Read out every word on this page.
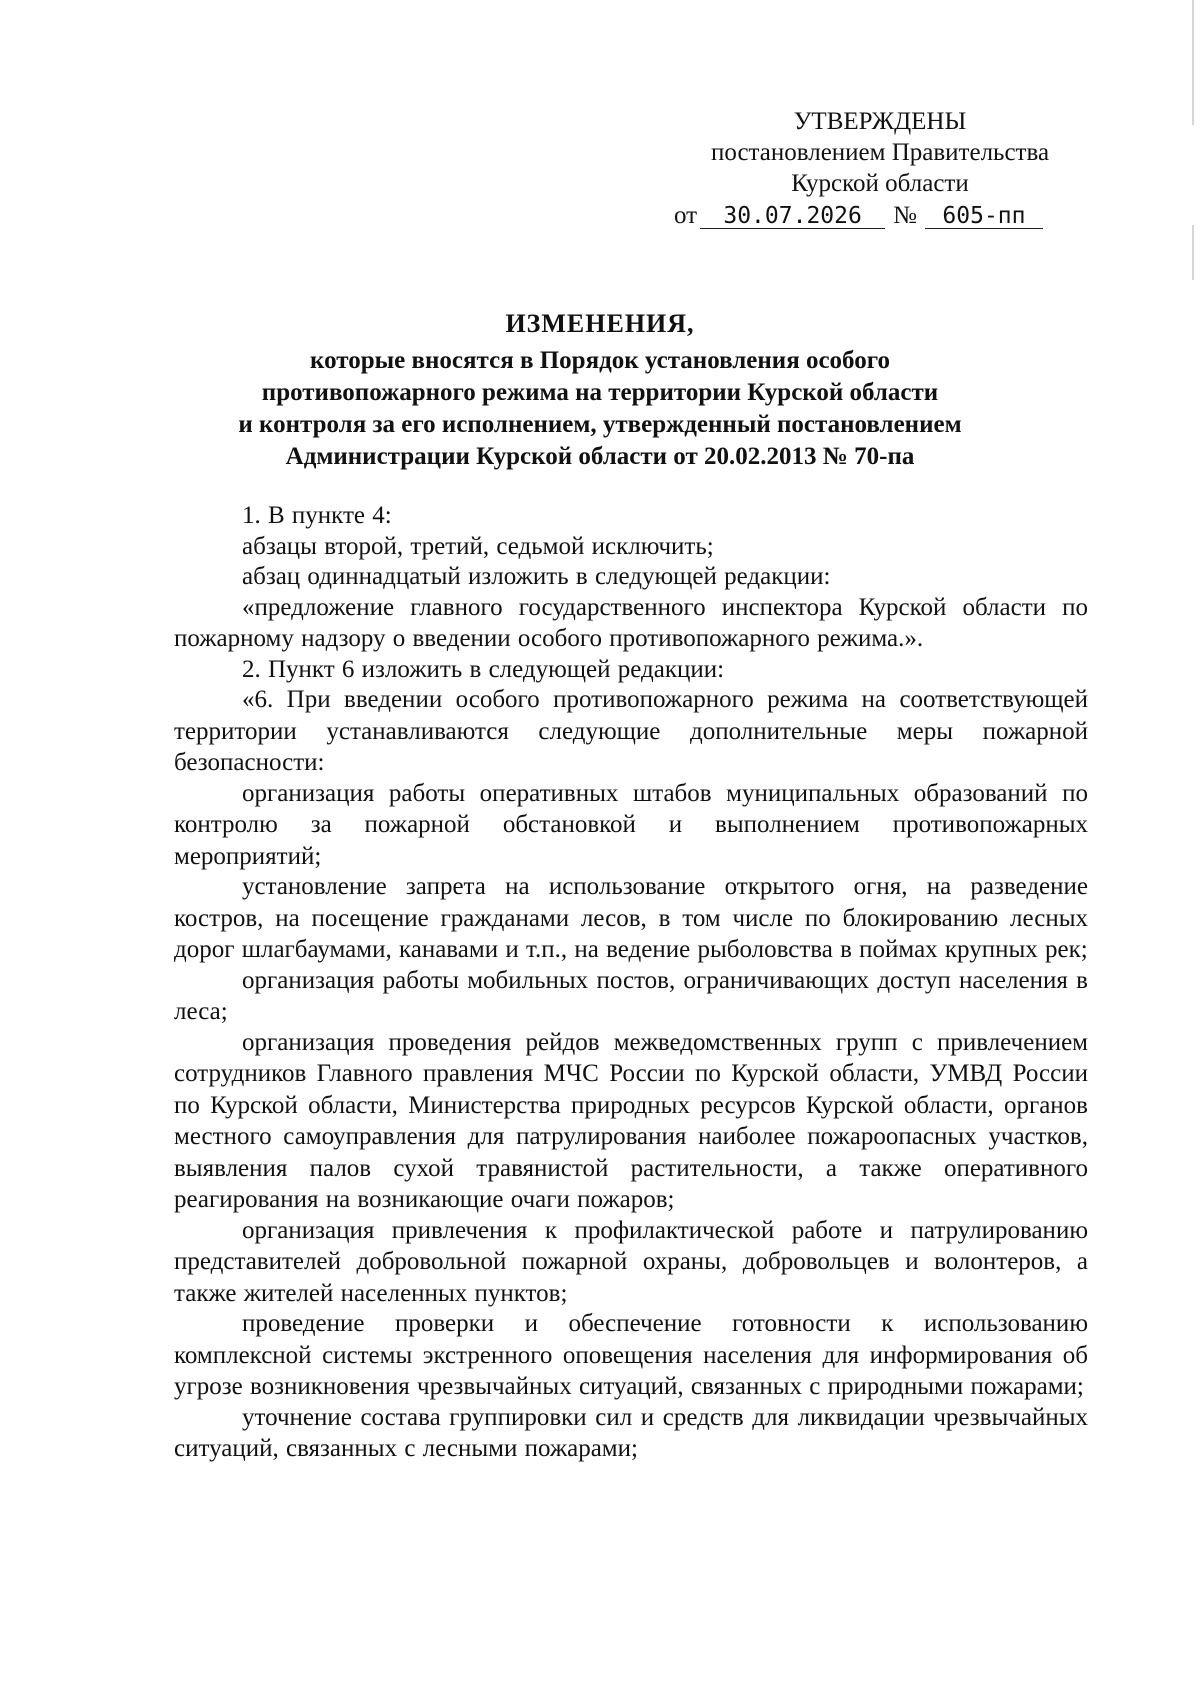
УТВЕРЖДЕНЫ
постановлением Правительства
Курской области
от 30.07.2026 № 605-пп
ИЗМЕНЕНИЯ,
которые вносятся в Порядок установления особого
противопожарного режима на территории Курской области
и контроля за его исполнением, утвержденный постановлением
Администрации Курской области от 20.02.2013 № 70-па

1. В пункте 4:

абзацы второй, третий, седьмой исключить;

абзац одиннадцатый изложить в следующей редакции:

«предложение главного государственного инспектора Курской области по пожарному надзору о введении особого противопожарного режима.».

2. Пункт 6 изложить в следующей редакции:

«6. При введении особого противопожарного режима на соответствующей территории устанавливаются следующие дополнительные меры пожарной безопасности:

организация работы оперативных штабов муниципальных образований по контролю за пожарной обстановкой и выполнением противопожарных мероприятий;

установление запрета на использование открытого огня, на разведение костров, на посещение гражданами лесов, в том числе по блокированию лесных дорог шлагбаумами, канавами и т.п., на ведение рыболовства в поймах крупных рек;

организация работы мобильных постов, ограничивающих доступ населения в леса;

организация проведения рейдов межведомственных групп с привлечением сотрудников Главного правления МЧС России по Курской области, УМВД России по Курской области, Министерства природных ресурсов Курской области, органов местного самоуправления для патрулирования наиболее пожароопасных участков, выявления палов сухой травянистой растительности, а также оперативного реагирования на возникающие очаги пожаров;

организация привлечения к профилактической работе и патрулированию представителей добровольной пожарной охраны, добровольцев и волонтеров, а также жителей населенных пунктов;

проведение проверки и обеспечение готовности к использованию комплексной системы экстренного оповещения населения для информирования об угрозе возникновения чрезвычайных ситуаций, связанных с природными пожарами;

уточнение состава группировки сил и средств для ликвидации чрезвычайных ситуаций, связанных с лесными пожарами;
